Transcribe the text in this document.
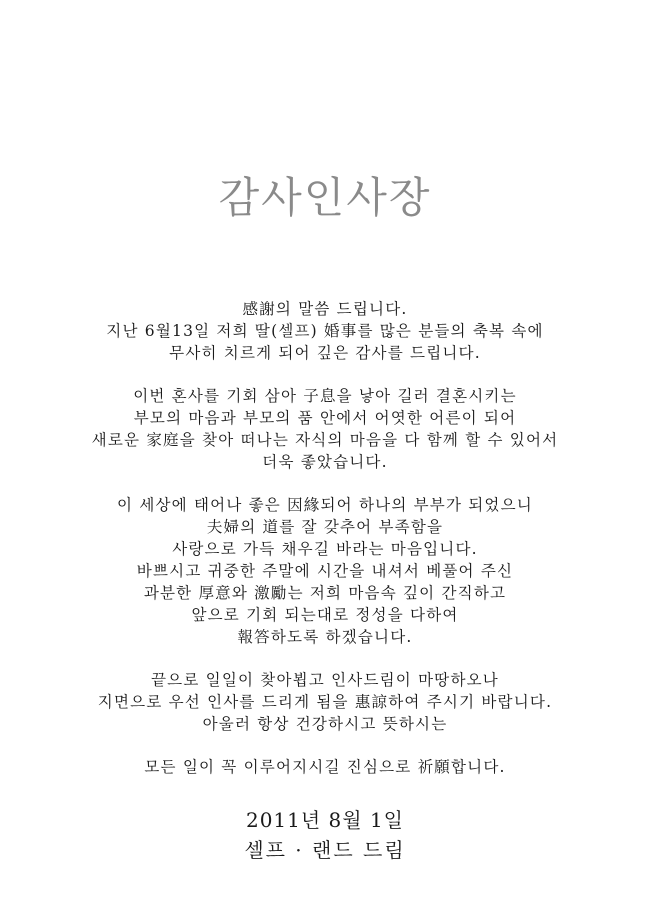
감사인사장
感謝의 말씀 드립니다.
지난 6월13일 저희 딸(셀프) 婚事를 많은 분들의 축복 속에
무사히 치르게 되어 깊은 감사를 드립니다.
이번 혼사를 기회 삼아 子息을 낳아 길러 결혼시키는
부모의 마음과 부모의 품 안에서 어엿한 어른이 되어
새로운 家庭을 찾아 떠나는 자식의 마음을 다 함께 할 수 있어서
더욱 좋았습니다.
이 세상에 태어나 좋은 因緣되어 하나의 부부가 되었으니
夫婦의 道를 잘 갖추어 부족함을
사랑으로 가득 채우길 바라는 마음입니다.
바쁘시고 귀중한 주말에 시간을 내셔서 베풀어 주신
과분한 厚意와 激勵는 저희 마음속 깊이 간직하고
앞으로 기회 되는대로 정성을 다하여
報答하도록 하겠습니다.
끝으로 일일이 찾아뵙고 인사드림이 마땅하오나
지면으로 우선 인사를 드리게 됨을 惠諒하여 주시기 바랍니다.
아울러 항상 건강하시고 뜻하시는
모든 일이 꼭 이루어지시길 진심으로 祈願합니다.
2011년 8월 1일
셀프 · 랜드 드림
